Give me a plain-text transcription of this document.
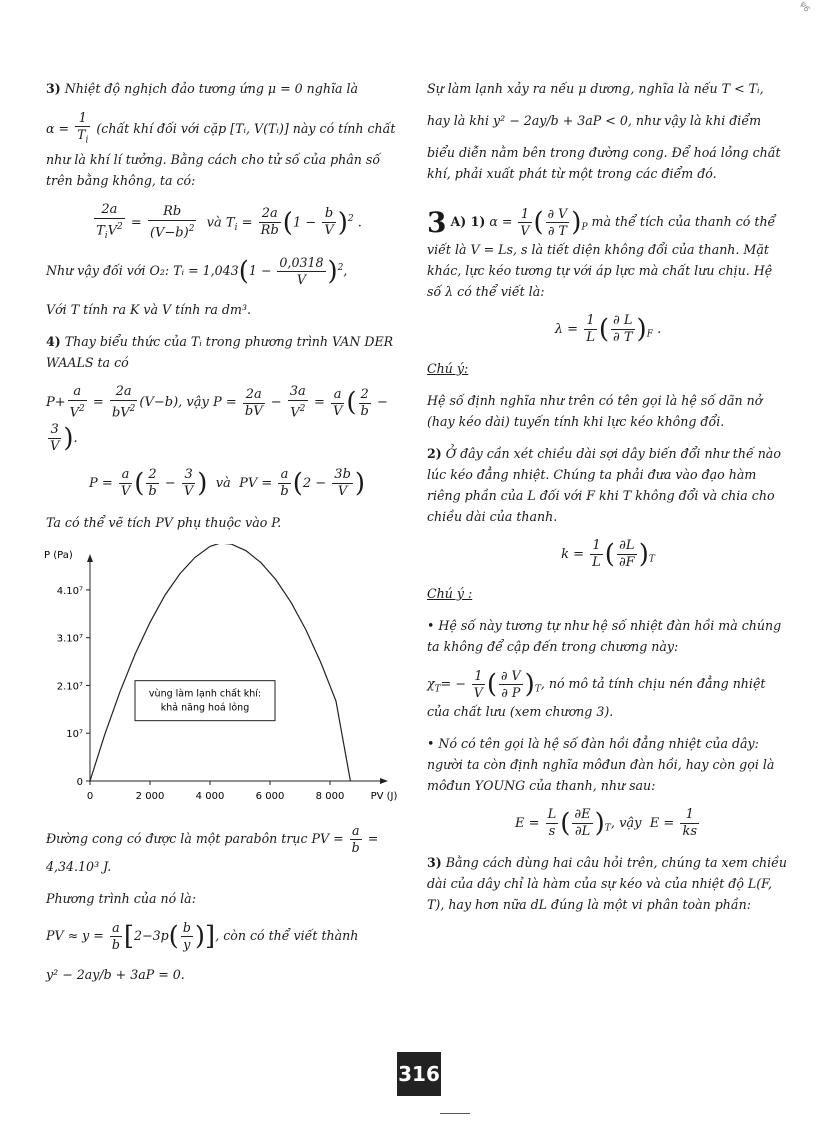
ψ6

3) Nhiệt độ nghịch đảo tương ứng μ = 0 nghĩa là

$\alpha = \frac{1}{T_i}$ (chất khí đối với cặp [Tᵢ, V(Tᵢ)] này có tính chất như là khí lí tưởng. Bằng cách cho tử số của phân số trên bằng không, ta có:

$\frac{2a}{T_iV^2} = \frac{Rb}{(V-b)^2}$ và $T_i = \frac{2a}{Rb} (1 - \frac{b}{V} )^2$ .

Như vậy đối với O₂: Tᵢ = $1,043(1 - \frac{0,0318}{V} )^2$,

Với T tính ra K và V tính ra dm³.

4) Thay biểu thức của Tᵢ trong phương trình VAN DER WAALS ta có

$P+ \frac{a}{V^2} = \frac{2a}{bV^2} (V-b)$, vậy $P = \frac{2a}{bV} - \frac{3a}{V^2} = \frac{a}{V}$ ( $\frac{2}{b}$ −
$\frac{3}{V}$ ).
$P = \frac{a}{V}$ ( $\frac{2}{b} - \frac{3}{V}$ )  và  PV = $\frac{a}{b} (2 - \frac{3b}{V}$ )

Ta có thể vẽ tích PV phụ thuộc vào P.

P (Pa)
PV (J)
0
10⁷
2.10⁷
3.10⁷
4.10⁷
0	2 000	4 000	6 000	8 000
vùng làm lạnh chất khí:
khả năng hoá lỏng

Đường cong có được là một parabôn trục PV = $\frac{a}{b} = 4,34.10^3$ J.

Phương trình của nó là:

PV ≈ $y = \frac{a}{b} [2-3p( \frac{b}{y}$ )], còn có thể viết thành

y² − 2ay/b + 3aP = 0.

Sự làm lạnh xảy ra nếu μ dương, nghĩa là nếu T < Tᵢ,

hay là khi y² − 2ay/b + 3aP < 0, như vậy là khi điểm

biểu diễn nằm bên trong đường cong. Để hoá lỏng chất khí, phải xuất phát từ một trong các điểm đó.

3 A) 1) $\alpha = \frac{1}{V}$ ( $\frac{\partial V}{\partial T} )_P$ mà thể tích của thanh có thể viết là V = Ls, s là tiết diện không đổi của thanh. Mặt khác, lực kéo tương tự với áp lực mà chất lưu chịu. Hệ số λ có thể viết là:

$\lambda = \frac{1}{L}$ ( $\frac{\partial L}{\partial T} )_F$ .

Chú ý:

Hệ số định nghĩa như trên có tên gọi là hệ số dãn nở (hay kéo dài) tuyến tính khi lực kéo không đổi.

2) Ở đây cần xét chiều dài sợi dây biến đổi như thế nào lúc kéo đẳng nhiệt. Chúng ta phải đưa vào đạo hàm riêng phần của L đối với F khi T không đổi và chia cho chiều dài của thanh.

$k = \frac{1}{L}$ ( $\frac{\partial L}{\partial F} )_T$

Chú ý :

• Hệ số này tương tự như hệ số nhiệt đàn hồi mà chúng ta không để cập đến trong chương này:

$\chi_T= - \frac{1}{V}$ ( $\frac{\partial V}{\partial P} )_T$, nó mô tả tính chịu nén đẳng nhiệt của chất lưu (xem chương 3).

• Nó có tên gọi là hệ số đàn hồi đẳng nhiệt của dây: người ta còn định nghĩa môđun đàn hồi, hay còn gọi là môđun YOUNG của thanh, như sau:

$E = \frac{L}{s}$ ( $\frac{\partial E}{\partial L} )_T$, vậy  $E = \frac{1}{ks}$

3) Bằng cách dùng hai câu hỏi trên, chúng ta xem chiều dài của dây chỉ là hàm của sự kéo và của nhiệt độ L(F, T), hay hơn nữa dL đúng là một vi phân toàn phần:

316
